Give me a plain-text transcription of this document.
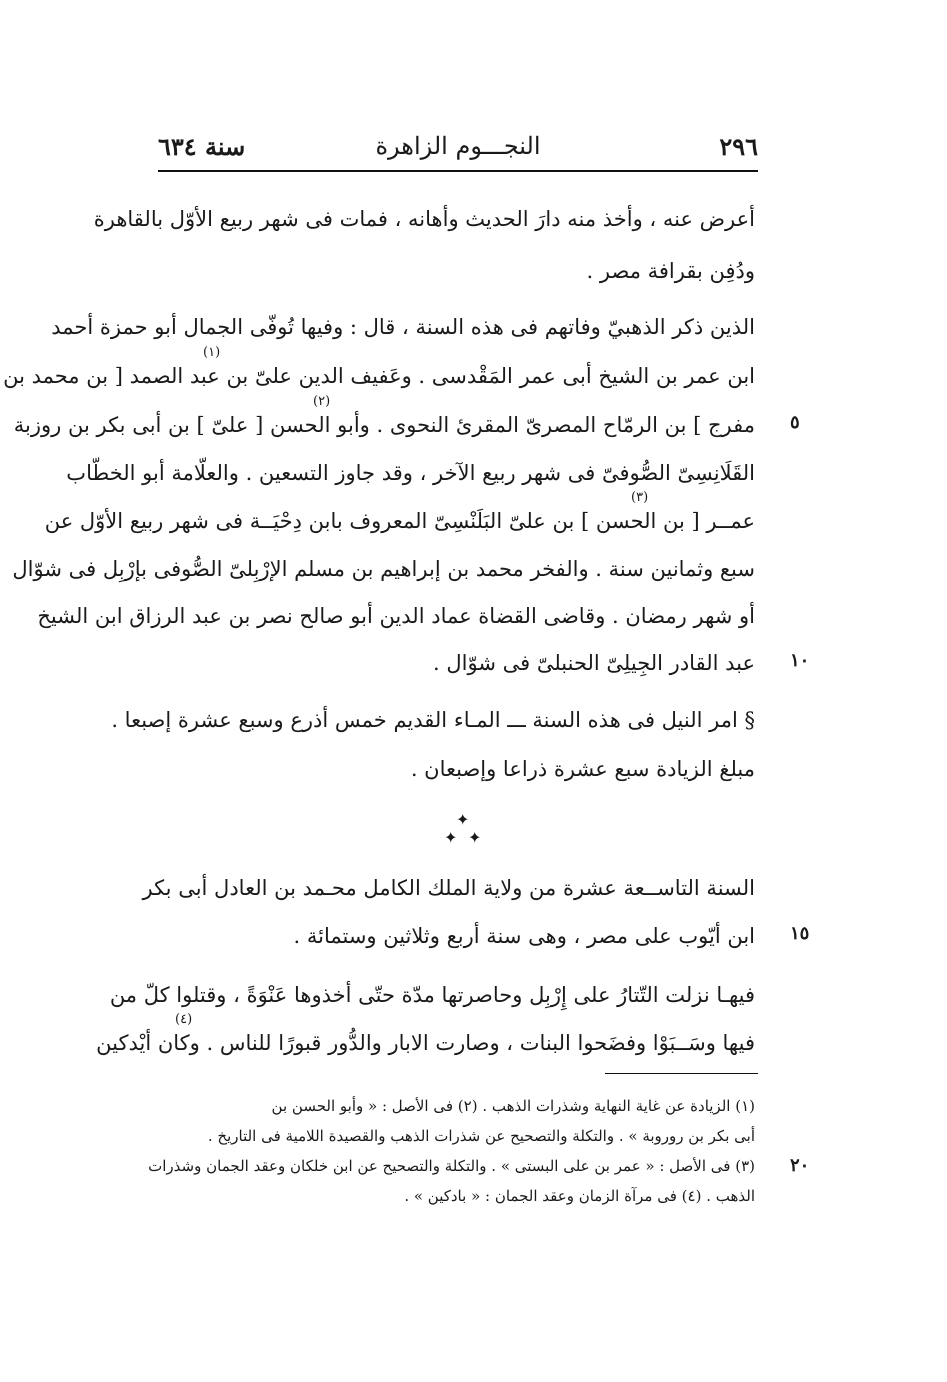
٢٩٦
النجـــوم الزاهرة
سنة ٦٣٤
أعرض عنه ، وأخذ منه دارَ الحديث وأهانه ، فمات فى شهر ربيع الأوّل بالقاهرة
ودُفِن بقرافة مصر .
الذين ذكر الذهبيّ وفاتهم فى هذه السنة ، قال : وفيها تُوفّى الجمال أبو حمزة أحمد
ابن عمر بن الشيخ أبى عمر المَقْدسى . وعَفيف الدين علىّ بن عبد الصمد [ بن محمد بن
مفرج ] بن الرمّاح المصرىّ المقرئ النحوى . وأبو الحسن [ علىّ ] بن أبى بكر بن روزبة
القَلَانِسِىّ الصُّوفىّ فى شهر ربيع الآخر ، وقد جاوز التسعين . والعلّامة أبو الخطّاب
عمــر [ بن الحسن ] بن علىّ البَلَنْسِىّ المعروف بابن دِحْيَــة فى شهر ربيع الأوّل عن
سبع وثمانين سنة . والفخر محمد بن إبراهيم بن مسلم الإرْبِلىّ الصُّوفى بإرْبِل فى شوّال
أو شهر رمضان . وقاضى القضاة عماد الدين أبو صالح نصر بن عبد الرزاق ابن الشيخ
عبد القادر الجِيلِىّ الحنبلىّ فى شوّال .
§ امر النيل فى هذه السنة ـــ المـاء القديم خمس أذرع وسبع عشرة إصبعا .
مبلغ الزيادة سبع عشرة ذراعا وإصبعان .
✦
✦ ✦
السنة التاســعة عشرة من ولاية الملك الكامل محـمد بن العادل أبى بكر
ابن أيّوب على مصر ، وهى سنة أربع وثلاثين وستمائة .
فيهـا نزلت التّتارُ على إِرْبِل وحاصرتها مدّة حتّى أخذوها عَنْوَةً ، وقتلوا كلّ من
فيها وسَــبَوْا وفضَحوا البنات ، وصارت الابار والدُّور قبورًا للناس . وكان أيْدكين
(١)
(٢)
(٣)
(٤)
٥
١٠
١٥
٢٠
(١) الزيادة عن غاية النهاية وشذرات الذهب . (٢) فى الأصل : « وأبو الحسن بن
أبى بكر بن روروبة » . والتكلة والتصحيح عن شذرات الذهب والقصيدة اللامية فى التاريخ .
(٣) فى الأصل : « عمر بن على البستى » . والتكلة والتصحيح عن ابن خلكان وعقد الجمان وشذرات
الذهب . (٤) فى مرآة الزمان وعقد الجمان : « بادكين » .
